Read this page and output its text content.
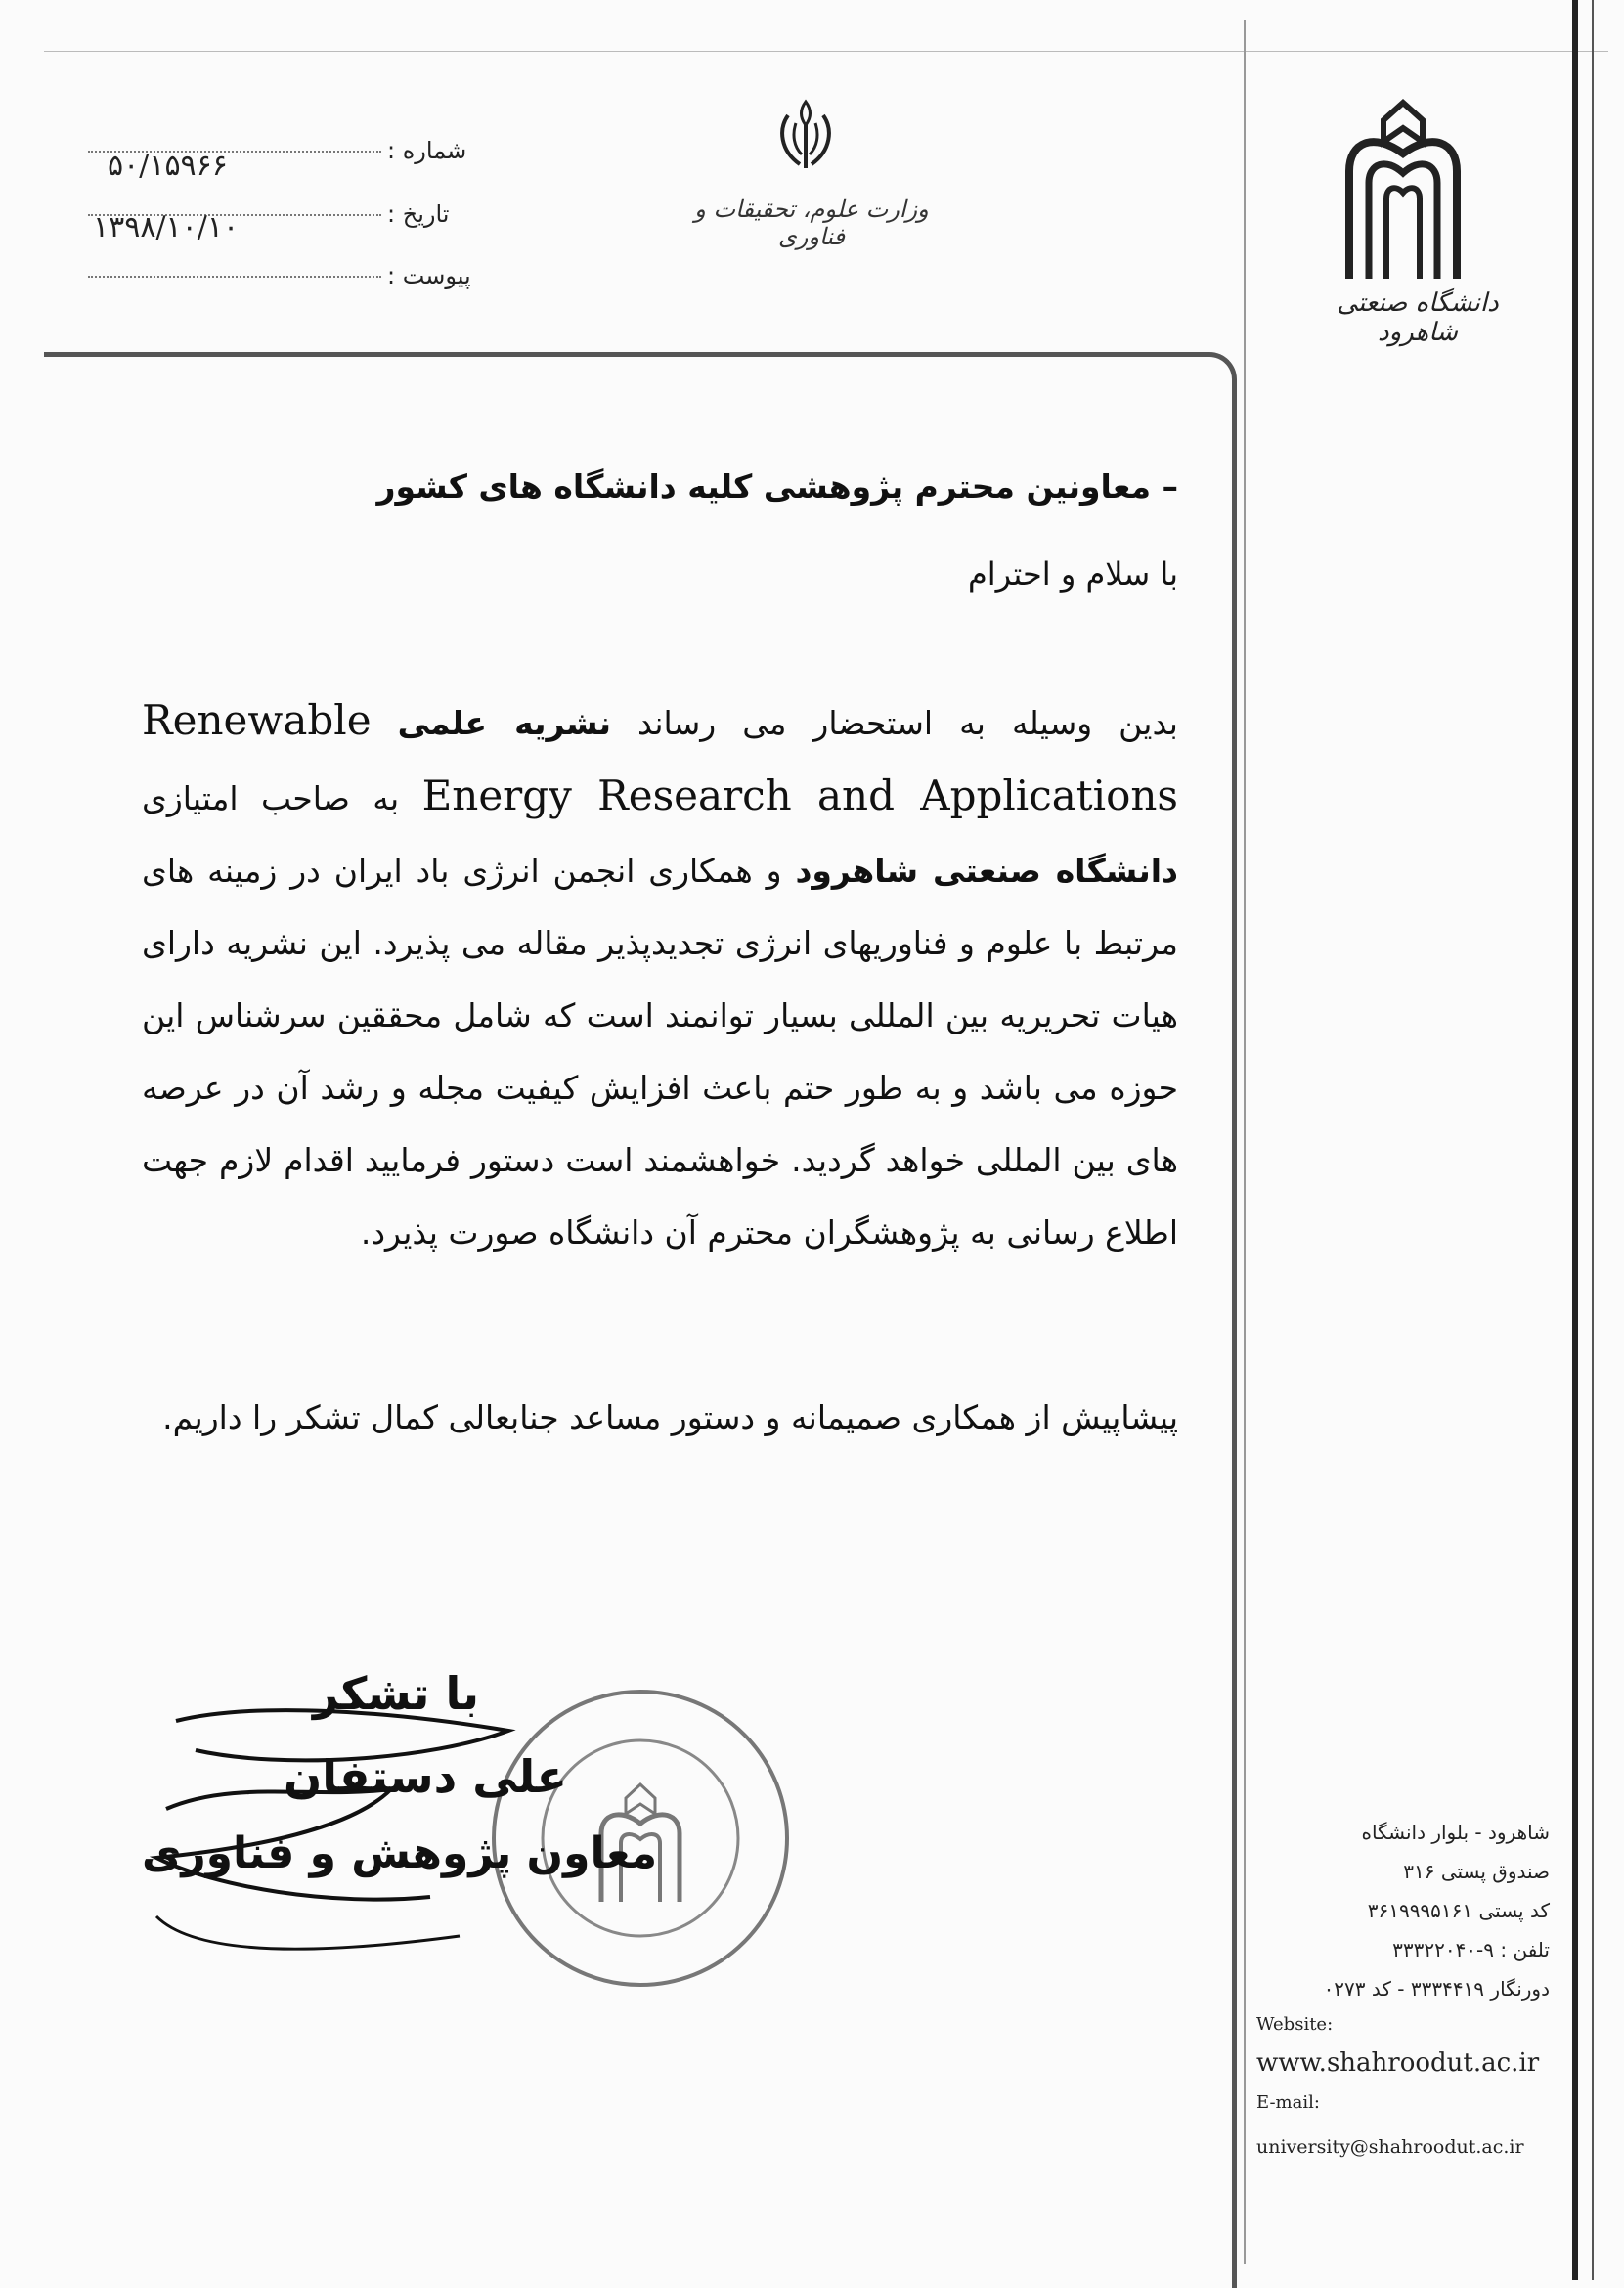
وزارت علوم، تحقیقات و فناوری
شماره :
۵۰/۱۵۹۶۶
تاریخ :
۱۳۹۸/۱۰/۱۰
پیوست :
دانشگاه صنعتی شاهرود
– معاونین محترم پژوهشی کلیه دانشگاه های کشور
با سلام و احترام
بدین وسیله به استحضار می رساند نشریه علمی Renewable Energy Research and Applications به صاحب امتیازی دانشگاه صنعتی شاهرود و همکاری انجمن انرژی باد ایران در زمینه های مرتبط با علوم و فناوریهای انرژی تجدیدپذیر مقاله می پذیرد. این نشریه دارای هیات تحریریه بین المللی بسیار توانمند است که شامل محققین سرشناس این حوزه می باشد و به طور حتم باعث افزایش کیفیت مجله و رشد آن در عرصه های بین المللی خواهد گردید. خواهشمند است دستور فرمایید اقدام لازم جهت اطلاع رسانی به پژوهشگران محترم آن دانشگاه صورت پذیرد.
پیشاپیش از همکاری صمیمانه و دستور مساعد جنابعالی کمال تشکر را داریم.
با تشکر
علی دستفان
معاون پژوهش و فناوری	شاهرود - بلوار دانشگاه
صندوق پستی ۳۱۶
کد پستی ۳۶۱۹۹۹۵۱۶۱
تلفن : ۹-۳۳۳۲۲۰۴۰
دورنگار ۳۳۳۴۴۱۹ - کد ۰۲۷۳
Website:
www.shahroodut.ac.ir
E-mail:
university@shahroodut.ac.ir
